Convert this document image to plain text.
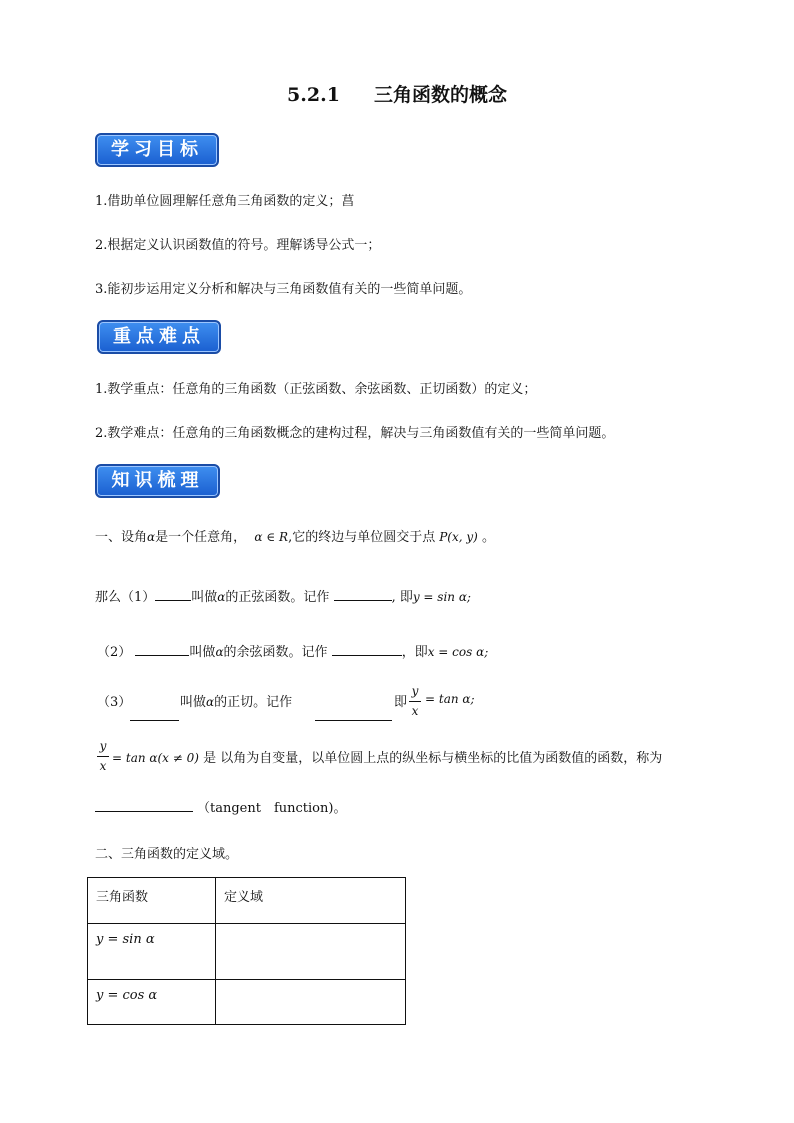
5.2.1 三角函数的概念
学习目标
1.借助单位圆理解任意角三角函数的定义；菖
2.根据定义认识函数值的符号。理解诱导公式一；
3.能初步运用定义分析和解决与三角函数值有关的一些简单问题。
重点难点
1.教学重点：任意角的三角函数（正弦函数、余弦函数、正切函数）的定义；
2.教学难点：任意角的三角函数概念的建构过程，解决与三角函数值有关的一些简单问题。
知识梳理
一、设角α是一个任意角， α ∈ R,它的终边与单位圆交于点 P(x, y) 。
那么（1）	叫做α的正弦函数。记作	, 即y = sin α;
（2）	叫做α的余弦函数。记作	，即x = cos α;
（3）	叫做α的正切。记作	即
y
x
= tan α;
y
x
= tan α(x ≠ 0) 是 以角为自变量，以单位圆上点的纵坐标与横坐标的比值为函数值的函数，称为
（tangent　function)。
二、三角函数的定义域。
三角函数	定义域
y = sin α	
y = cos α	
